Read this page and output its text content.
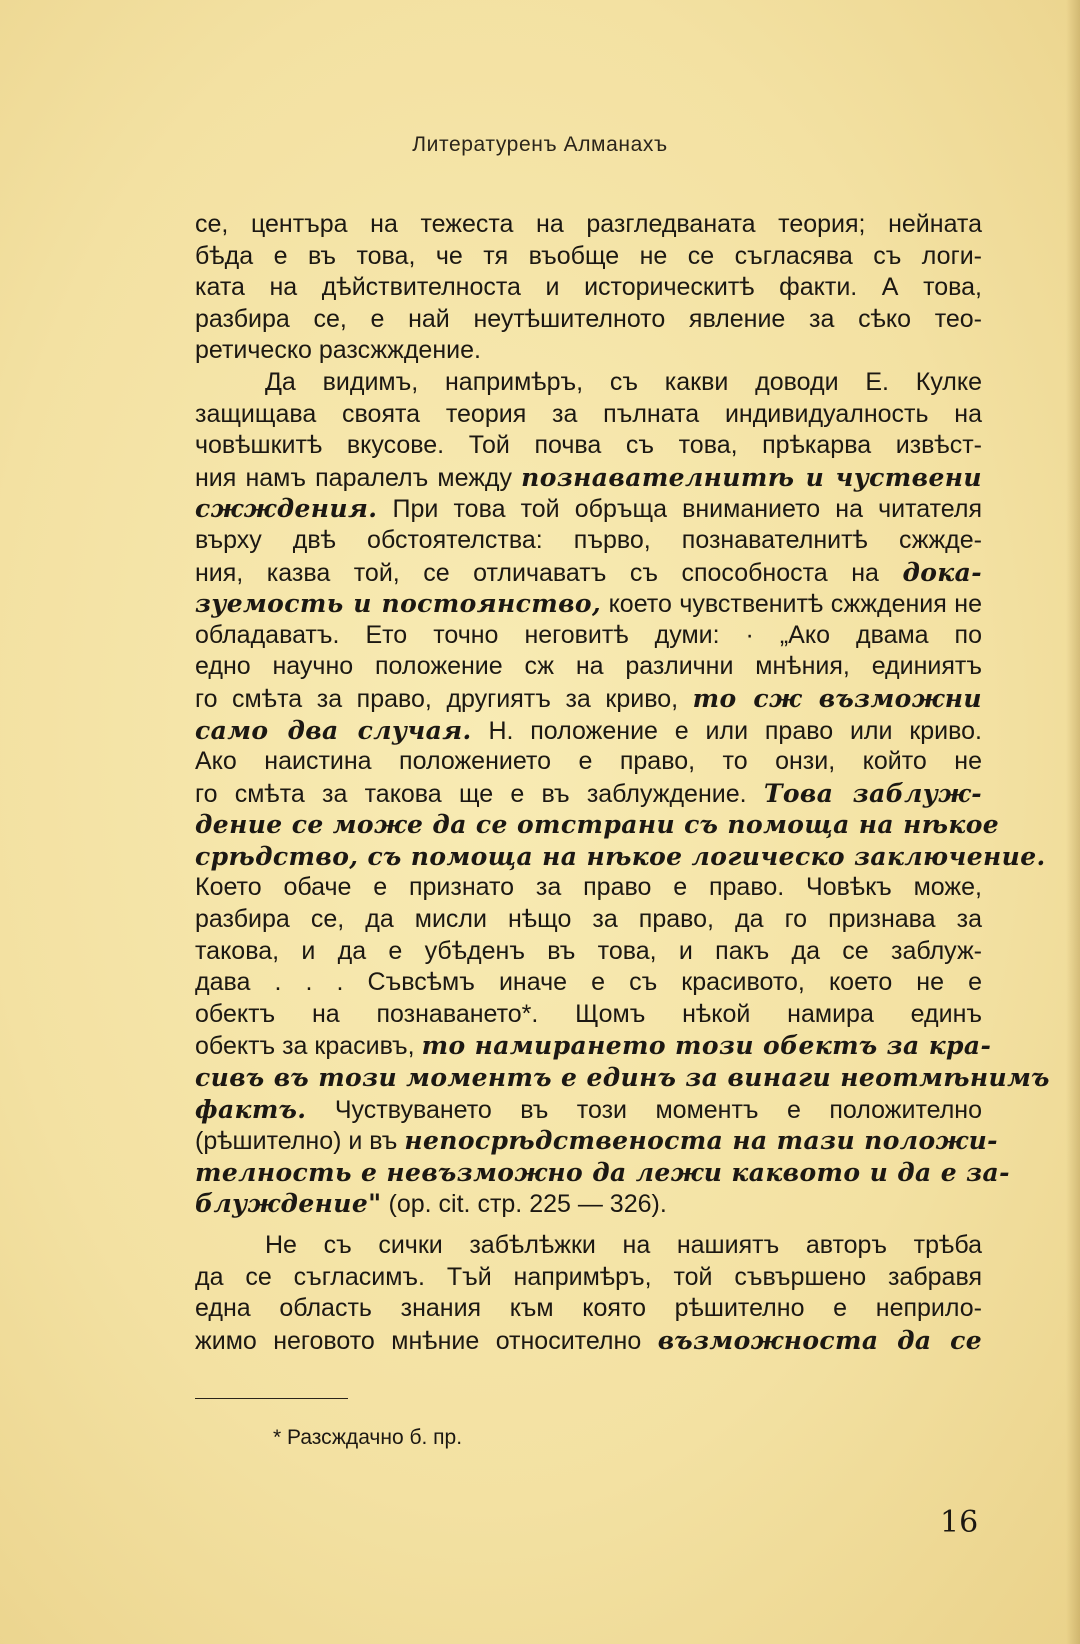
Литературенъ Алманахъ
се, центъра на тежеста на разгледваната теория; нейната
бѣда е въ това, че тя въобще не се съгласява съ логи-
ката на дѣйствителноста и историческитѣ факти. А това,
разбира се, е най неутѣшителното явление за сѣко тео-
ретическо разсжждение.
Да видимъ, напримѣръ, съ какви доводи Е. Кулке
защищава своята теория за пълната индивидуалность на
човѣшкитѣ вкусове. Той почва съ това, прѣкарва извѣст-
ния намъ паралелъ между познавателнитѣ и чуствени
сжждения. При това той обръща вниманието на читателя
върху двѣ обстоятелства: първо, познавателнитѣ сжжде-
ния, казва той, се отличаватъ съ способноста на дока-
зуемость и постоянство, което чувственитѣ сжждения не
обладаватъ. Ето точно неговитѣ думи: · „Ако двама по
едно научно положение сж на различни мнѣния, единиятъ
го смѣта за право, другиятъ за криво, то сж възможни
само два случая. Н. положение е или право или криво.
Ако наистина положението е право, то онзи, който не
го смѣта за такова ще е въ заблуждение. Това заблуж-
дение се може да се отстрани съ помоща на нѣкое
срѣдство, съ помоща на нѣкое логическо заключение.
Което обаче е признато за право е право. Човѣкъ може,
разбира се, да мисли нѣщо за право, да го признава за
такова, и да е убѣденъ въ това, и пакъ да се заблуж-
дава . . . Съвсѣмъ иначе е съ красивото, което не е
обектъ на познаването*. Щомъ нѣкой намира единъ
обектъ за красивъ, то намирането този обектъ за кра-
сивъ въ този моментъ е единъ за винаги неотмѣнимъ
фактъ. Чуствуването въ този моментъ е положително
(рѣшително) и въ непосрѣдственоста на тази положи-
телность е невъзможно да лежи каквото и да е за-
блуждение" (op. cit. стр. 225 — 326).
Не съ сички забѣлѣжки на нашиятъ авторъ трѣба
да се съгласимъ. Тъй напримѣръ, той съвършено забравя
една область знания към която рѣшително е неприло-
жимо неговото мнѣние относително възможноста да се
* Разсждачно б. пр.
16
